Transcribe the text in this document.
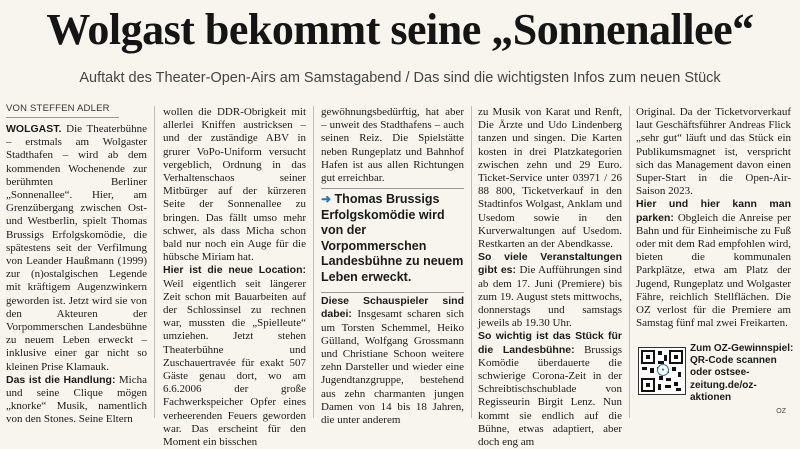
Wolgast bekommt seine „Sonnenallee“
Auftakt des Theater-Open-Airs am Samstagabend / Das sind die wichtigsten Infos zum neuen Stück
VON STEFFEN ADLER

WOLGAST. Die Theaterbühne – erstmals am Wolgaster Stadthafen – wird ab dem kommenden Wochenende zur berühmten Berliner „Sonnenallee“. Hier, am Grenzübergang zwischen Ost- und Westberlin, spielt Thomas Brussigs Erfolgskomödie, die spätestens seit der Verfilmung von Leander Haußmann (1999) zur (n)ostalgischen Legende mit kräftigem Augenzwinkern geworden ist. Jetzt wird sie von den Akteuren der Vorpommerschen Landesbühne zu neuem Leben erweckt –inklusive einer gar nicht so kleinen Prise Klamauk.

Das ist die Handlung: Micha und seine Clique mögen „knorke“ Musik, namentlich von den Stones. Seine Eltern

wollen die DDR-Obrigkeit mit allerlei Kniffen austricksen – und der zuständige ABV in grurer VoPo-Uniform versucht vergeblich, Ordnung in das Verhaltenschaos seiner Mitbürger auf der kürzeren Seite der Sonnenallee zu bringen. Das fällt umso mehr schwer, als dass Micha schon bald nur noch ein Auge für die hübsche Miriam hat.

Hier ist die neue Location: Weil eigentlich seit längerer Zeit schon mit Bauarbeiten auf der Schlossinsel zu rechnen war, mussten die „Spielleute“ umziehen. Jetzt stehen Theaterbühne und Zuschauertravée für exakt 507 Gäste genau dort, wo am 6.6.2006 der große Fachwerkspeicher Opfer eines verheerenden Feuers geworden war. Das erscheint für den Moment ein bisschen

gewöhnungsbedürftig, hat aber – unweit des Stadthafens – auch seinen Reiz. Die Spielstätte neben Rungeplatz und Bahnhof Hafen ist aus allen Richtungen gut erreichbar.

Diese Schauspieler sind dabei: Insgesamt scharen sich um Torsten Schemmel, Heiko Gülland, Wolfgang Grossmann und Christiane Schoon weitere zehn Darsteller und wieder eine Jugendtanzgruppe, bestehend aus zehn charmanten jungen Damen von 14 bis 18 Jahren, die unter anderem

➜ Thomas Brussigs Erfolgskomödie wird von der Vorpommerschen Landesbühne zu neuem Leben erweckt.

zu Musik von Karat und Renft, Die Ärzte und Udo Lindenberg tanzen und singen. Die Karten kosten in drei Platzkategorien zwischen zehn und 29 Euro. Ticket-Service unter 03971 / 26 88 800, Ticketverkauf in den Stadtinfos Wolgast, Anklam und Usedom sowie in den Kurverwaltungen auf Usedom. Restkarten an der Abendkasse.

So viele Veranstaltungen gibt es: Die Aufführungen sind ab dem 17. Juni (Premiere) bis zum 19. August stets mittwochs, donnerstags und samstags jeweils ab 19.30 Uhr.

So wichtig ist das Stück für die Landesbühne: Brussigs Komödie überdauerte die schwierige Corona-Zeit in der Schreibtischschublade von Regisseurin Birgit Lenz. Nun kommt sie endlich auf die Bühne, etwas adaptiert, aber doch eng am

Original. Da der Ticketvorverkauf laut Geschäftsführer Andreas Flick „sehr gut“ läuft und das Stück ein Publikumsmagnet ist, verspricht sich das Management davon einen Super-Start in die Open-Air-Saison 2023.

Hier und hier kann man parken: Obgleich die Anreise per Bahn und für Einheimische zu Fuß oder mit dem Rad empfohlen wird, bieten die kommunalen Parkplätze, etwa am Platz der Jugend, Rungeplatz und Wolgaster Fähre, reichlich Stellflächen. Die OZ verlost für die Premiere am Samstag fünf mal zwei Freikarten.

●
Zum OZ-Gewinnspiel: QR-Code scannen oder ostsee-zeitung.de/oz-aktionen
OZ
